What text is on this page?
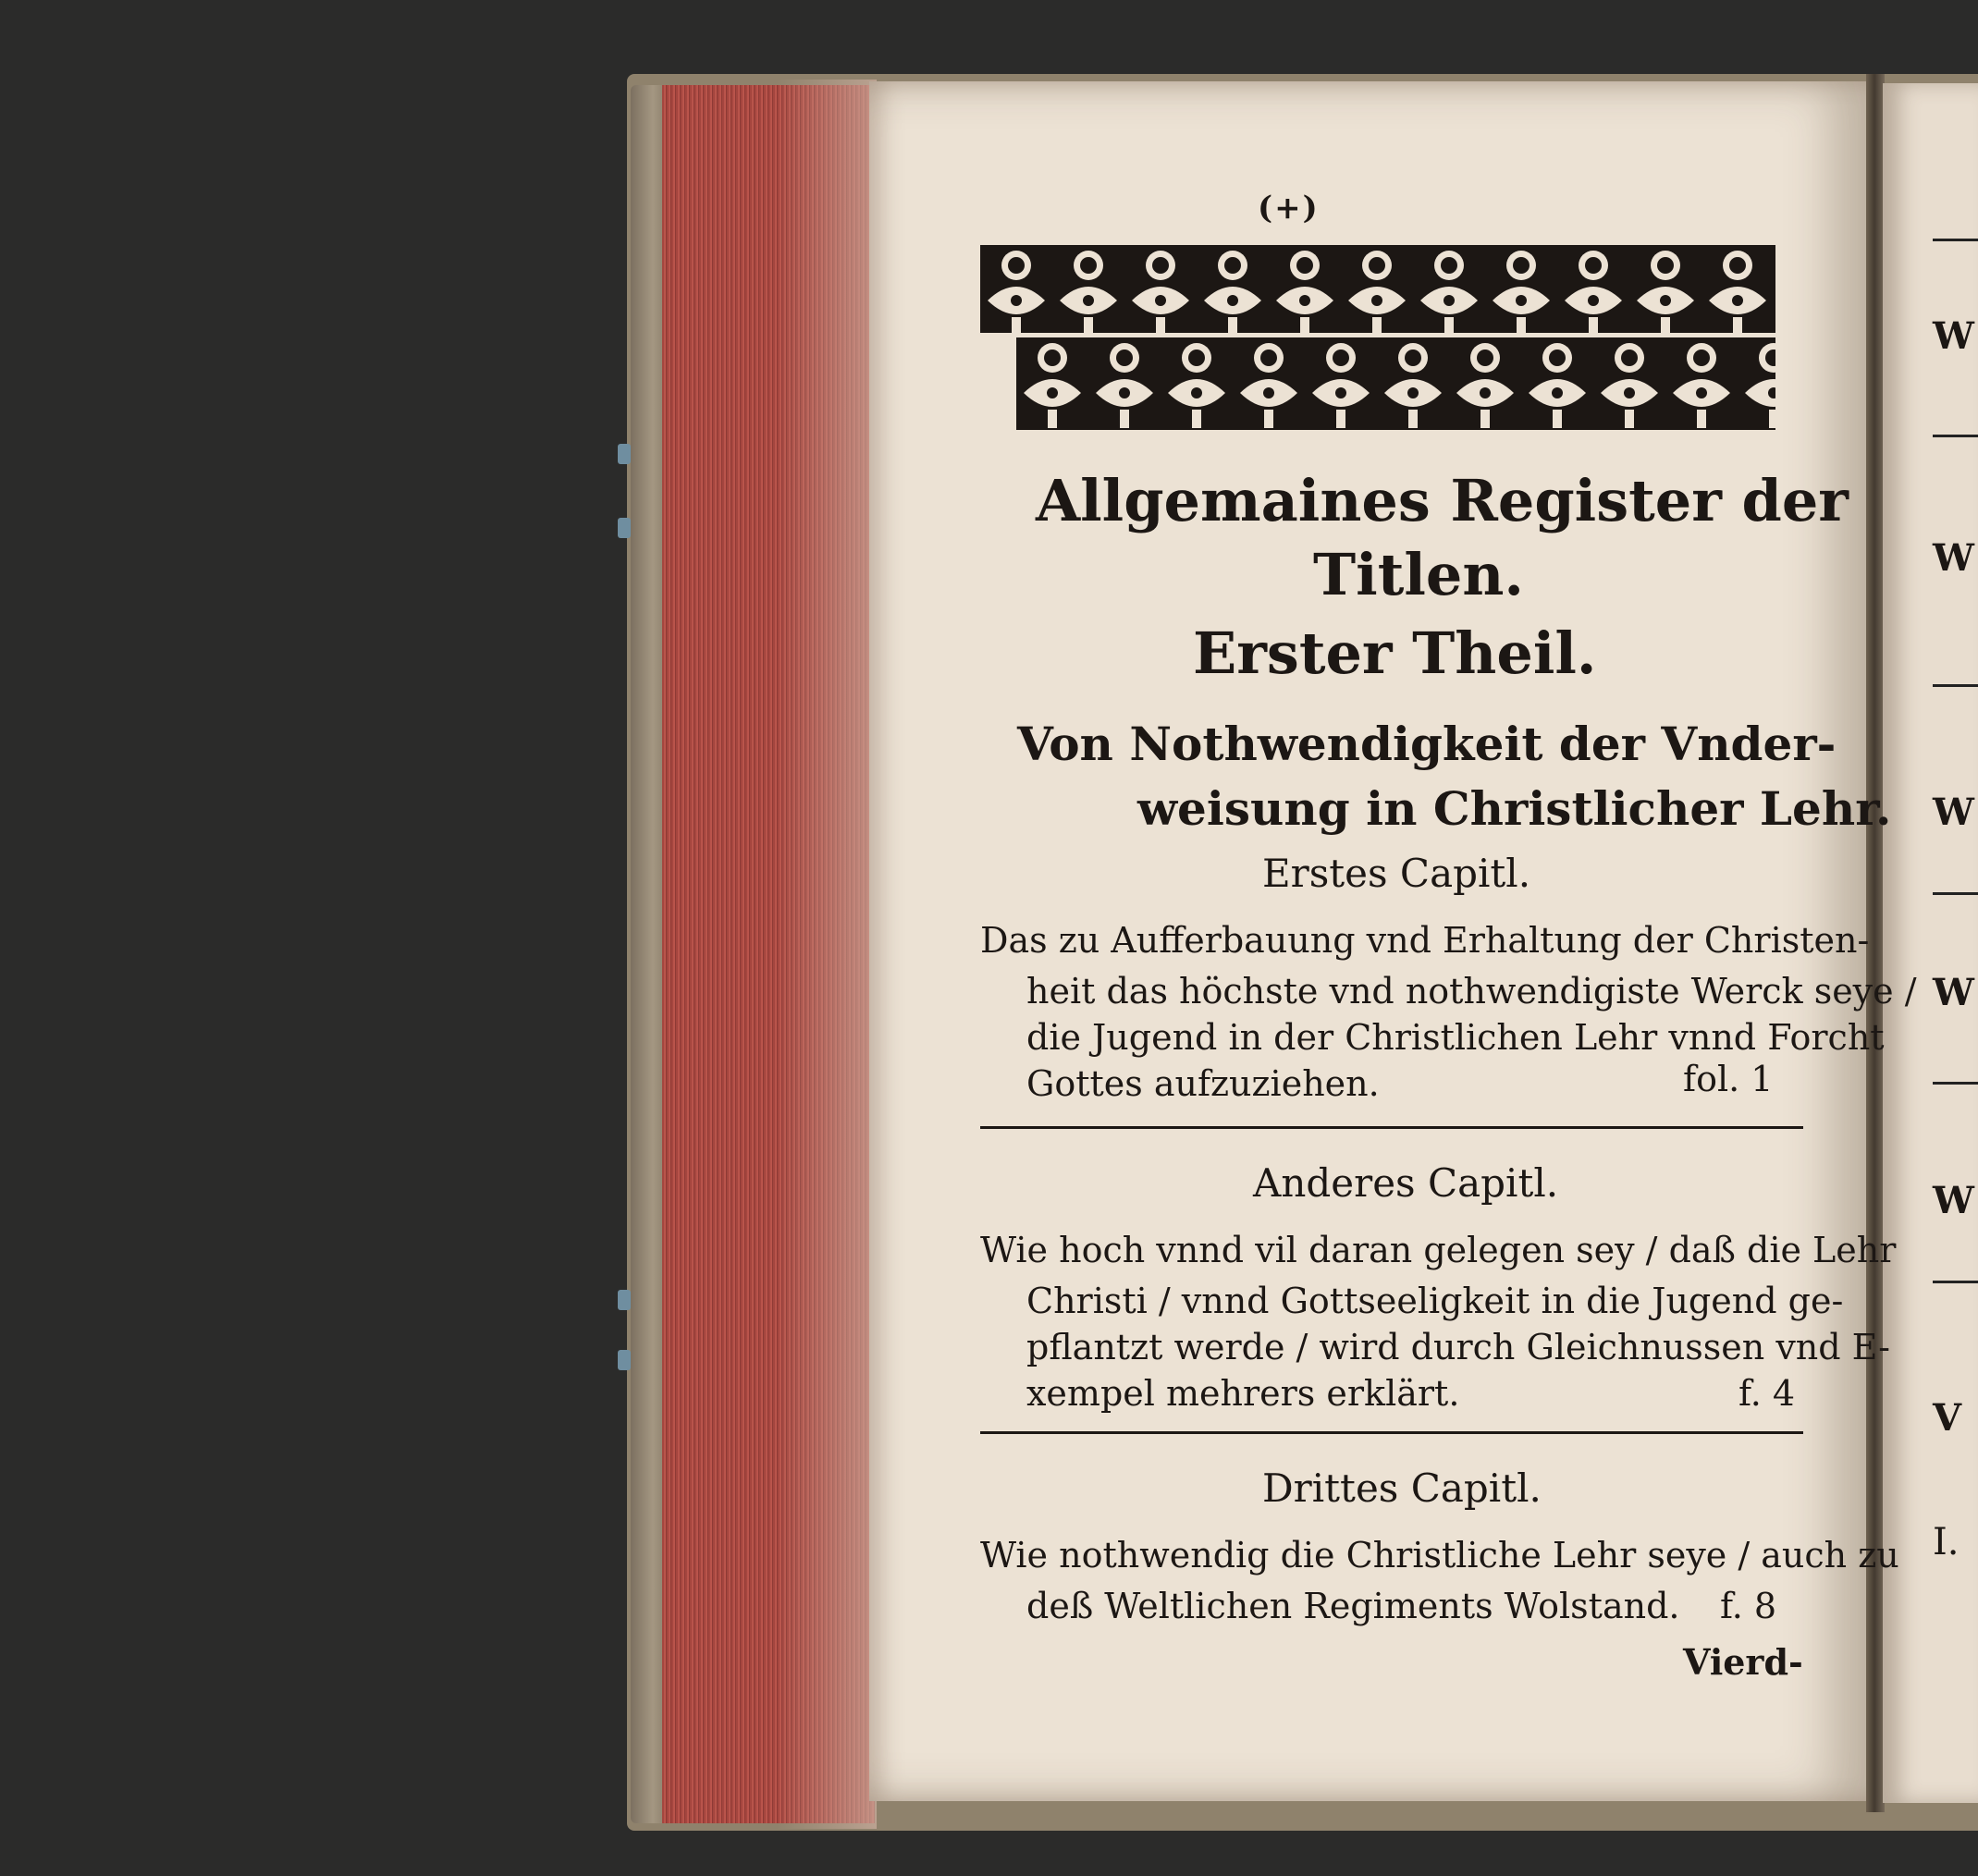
(+)
Allgemaines Register der
Titlen.
Erster Theil.
Von Nothwendigkeit der Vnder-
weisung in Christlicher Lehr.
Erstes Capitl.
Das zu Aufferbauung vnd Erhaltung der Christen-
heit das höchste vnd nothwendigiste Werck seye /
die Jugend in der Christlichen Lehr vnnd Forcht
Gottes aufzuziehen.	fol. 1
Anderes Capitl.
Wie hoch vnnd vil daran gelegen sey / daß die Lehr
Christi / vnnd Gottseeligkeit in die Jugend ge-
pflantzt werde / wird durch Gleichnussen vnd E-
xempel mehrers erklärt.	f. 4
Drittes Capitl.
Wie nothwendig die Christliche Lehr seye / auch zu
deß Weltlichen Regiments Wolstand. f. 8
Vierd-
W
W
W
W
W
V
I.
